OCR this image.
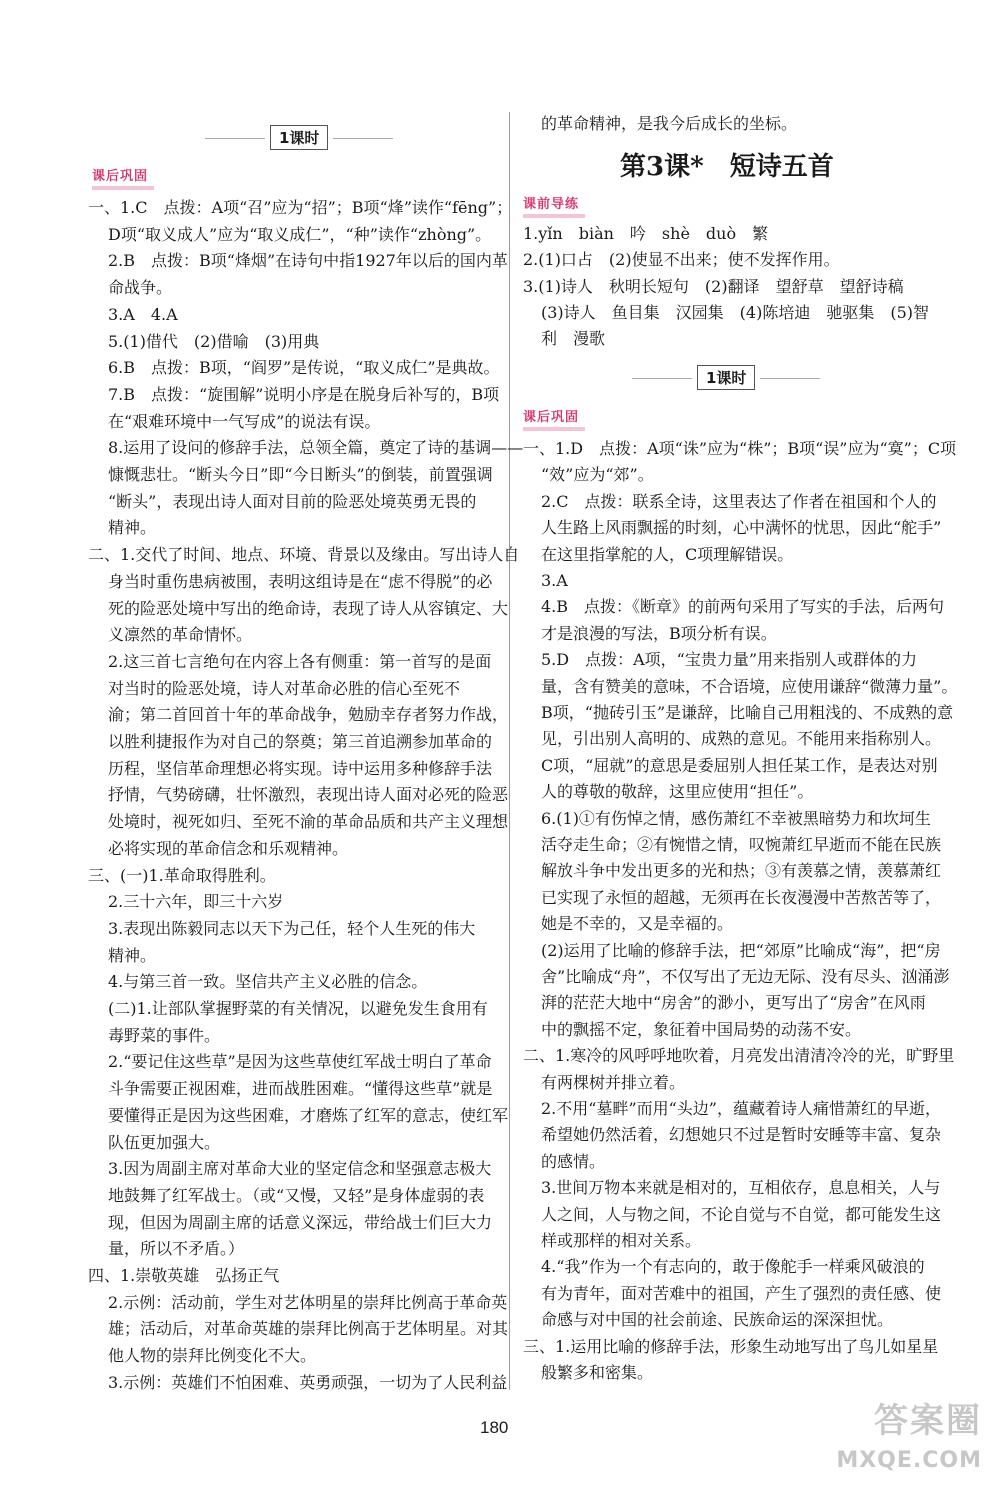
1课时
课后巩固
一、1.C　点拨：A项“召”应为“招”；B项“烽”读作“fēng”；
D项“取义成人”应为“取义成仁”，“种”读作“zhòng”。
2.B　点拨：B项“烽烟”在诗句中指1927年以后的国内革
命战争。
3.A　4.A
5.(1)借代　(2)借喻　(3)用典
6.B　点拨：B项，“阎罗”是传说，“取义成仁”是典故。
7.B　点拨：“旋围解”说明小序是在脱身后补写的，B项
在“艰难环境中一气写成”的说法有误。
8.运用了设问的修辞手法，总领全篇，奠定了诗的基调——
慷慨悲壮。“断头今日”即“今日断头”的倒装，前置强调
“断头”，表现出诗人面对目前的险恶处境英勇无畏的
精神。
二、1.交代了时间、地点、环境、背景以及缘由。写出诗人自
身当时重伤患病被围，表明这组诗是在“虑不得脱”的必
死的险恶处境中写出的绝命诗，表现了诗人从容镇定、大
义凛然的革命情怀。
2.这三首七言绝句在内容上各有侧重：第一首写的是面
对当时的险恶处境，诗人对革命必胜的信心至死不
渝；第二首回首十年的革命战争，勉励幸存者努力作战，
以胜利捷报作为对自己的祭奠；第三首追溯参加革命的
历程，坚信革命理想必将实现。诗中运用多种修辞手法
抒情，气势磅礴，壮怀激烈，表现出诗人面对必死的险恶
处境时，视死如归、至死不渝的革命品质和共产主义理想
必将实现的革命信念和乐观精神。
三、(一)1.革命取得胜利。
2.三十六年，即三十六岁
3.表现出陈毅同志以天下为己任，轻个人生死的伟大
精神。
4.与第三首一致。坚信共产主义必胜的信念。
(二)1.让部队掌握野菜的有关情况，以避免发生食用有
毒野菜的事件。
2.“要记住这些草”是因为这些草使红军战士明白了革命
斗争需要正视困难，进而战胜困难。“懂得这些草”就是
要懂得正是因为这些困难，才磨炼了红军的意志，使红军
队伍更加强大。
3.因为周副主席对革命大业的坚定信念和坚强意志极大
地鼓舞了红军战士。（或“又慢，又轻”是身体虚弱的表
现，但因为周副主席的话意义深远，带给战士们巨大力
量，所以不矛盾。）
四、1.崇敬英雄　弘扬正气
2.示例：活动前，学生对艺体明星的崇拜比例高于革命英
雄；活动后，对革命英雄的崇拜比例高于艺体明星。对其
他人物的崇拜比例变化不大。
3.示例：英雄们不怕困难、英勇顽强，一切为了人民利益
的革命精神，是我今后成长的坐标。
第3课*　短诗五首
课前导练
1.yǐn　biàn　吟　shè　duò　繁
2.(1)口占　(2)使显不出来；使不发挥作用。
3.(1)诗人　秋明长短句　(2)翻译　望舒草　望舒诗稿
(3)诗人　鱼目集　汉园集　(4)陈培迪　驰驱集　(5)智
利　漫歌
1课时
课后巩固
一、1.D　点拨：A项“诛”应为“株”；B项“误”应为“寞”；C项
“效”应为“郊”。
2.C　点拨：联系全诗，这里表达了作者在祖国和个人的
人生路上风雨飘摇的时刻，心中满怀的忧思，因此“舵手”
在这里指掌舵的人，C项理解错误。
3.A
4.B　点拨：《断章》的前两句采用了写实的手法，后两句
才是浪漫的写法，B项分析有误。
5.D　点拨：A项，“宝贵力量”用来指别人或群体的力
量，含有赞美的意味，不合语境，应使用谦辞“微薄力量”。
B项，“抛砖引玉”是谦辞，比喻自己用粗浅的、不成熟的意
见，引出别人高明的、成熟的意见。不能用来指称别人。
C项，“屈就”的意思是委屈别人担任某工作，是表达对别
人的尊敬的敬辞，这里应使用“担任”。
6.(1)①有伤悼之情，感伤萧红不幸被黑暗势力和坎坷生
活夺走生命；②有惋惜之情，叹惋萧红早逝而不能在民族
解放斗争中发出更多的光和热；③有羡慕之情，羡慕萧红
已实现了永恒的超越，无须再在长夜漫漫中苦熬苦等了，
她是不幸的，又是幸福的。
(2)运用了比喻的修辞手法，把“郊原”比喻成“海”，把“房
舍”比喻成“舟”，不仅写出了无边无际、没有尽头、汹涌澎
湃的茫茫大地中“房舍”的渺小，更写出了“房舍”在风雨
中的飘摇不定，象征着中国局势的动荡不安。
二、1.寒冷的风呼呼地吹着，月亮发出清清冷冷的光，旷野里
有两棵树并排立着。
2.不用“墓畔”而用“头边”，蕴藏着诗人痛惜萧红的早逝，
希望她仍然活着，幻想她只不过是暂时安睡等丰富、复杂
的感情。
3.世间万物本来就是相对的，互相依存，息息相关，人与
人之间，人与物之间，不论自觉与不自觉，都可能发生这
样或那样的相对关系。
4.“我”作为一个有志向的，敢于像舵手一样乘风破浪的
有为青年，面对苦难中的祖国，产生了强烈的责任感、使
命感与对中国的社会前途、民族命运的深深担忧。
三、1.运用比喻的修辞手法，形象生动地写出了鸟儿如星星
般繁多和密集。
180	答案圈
MXQE.COM
